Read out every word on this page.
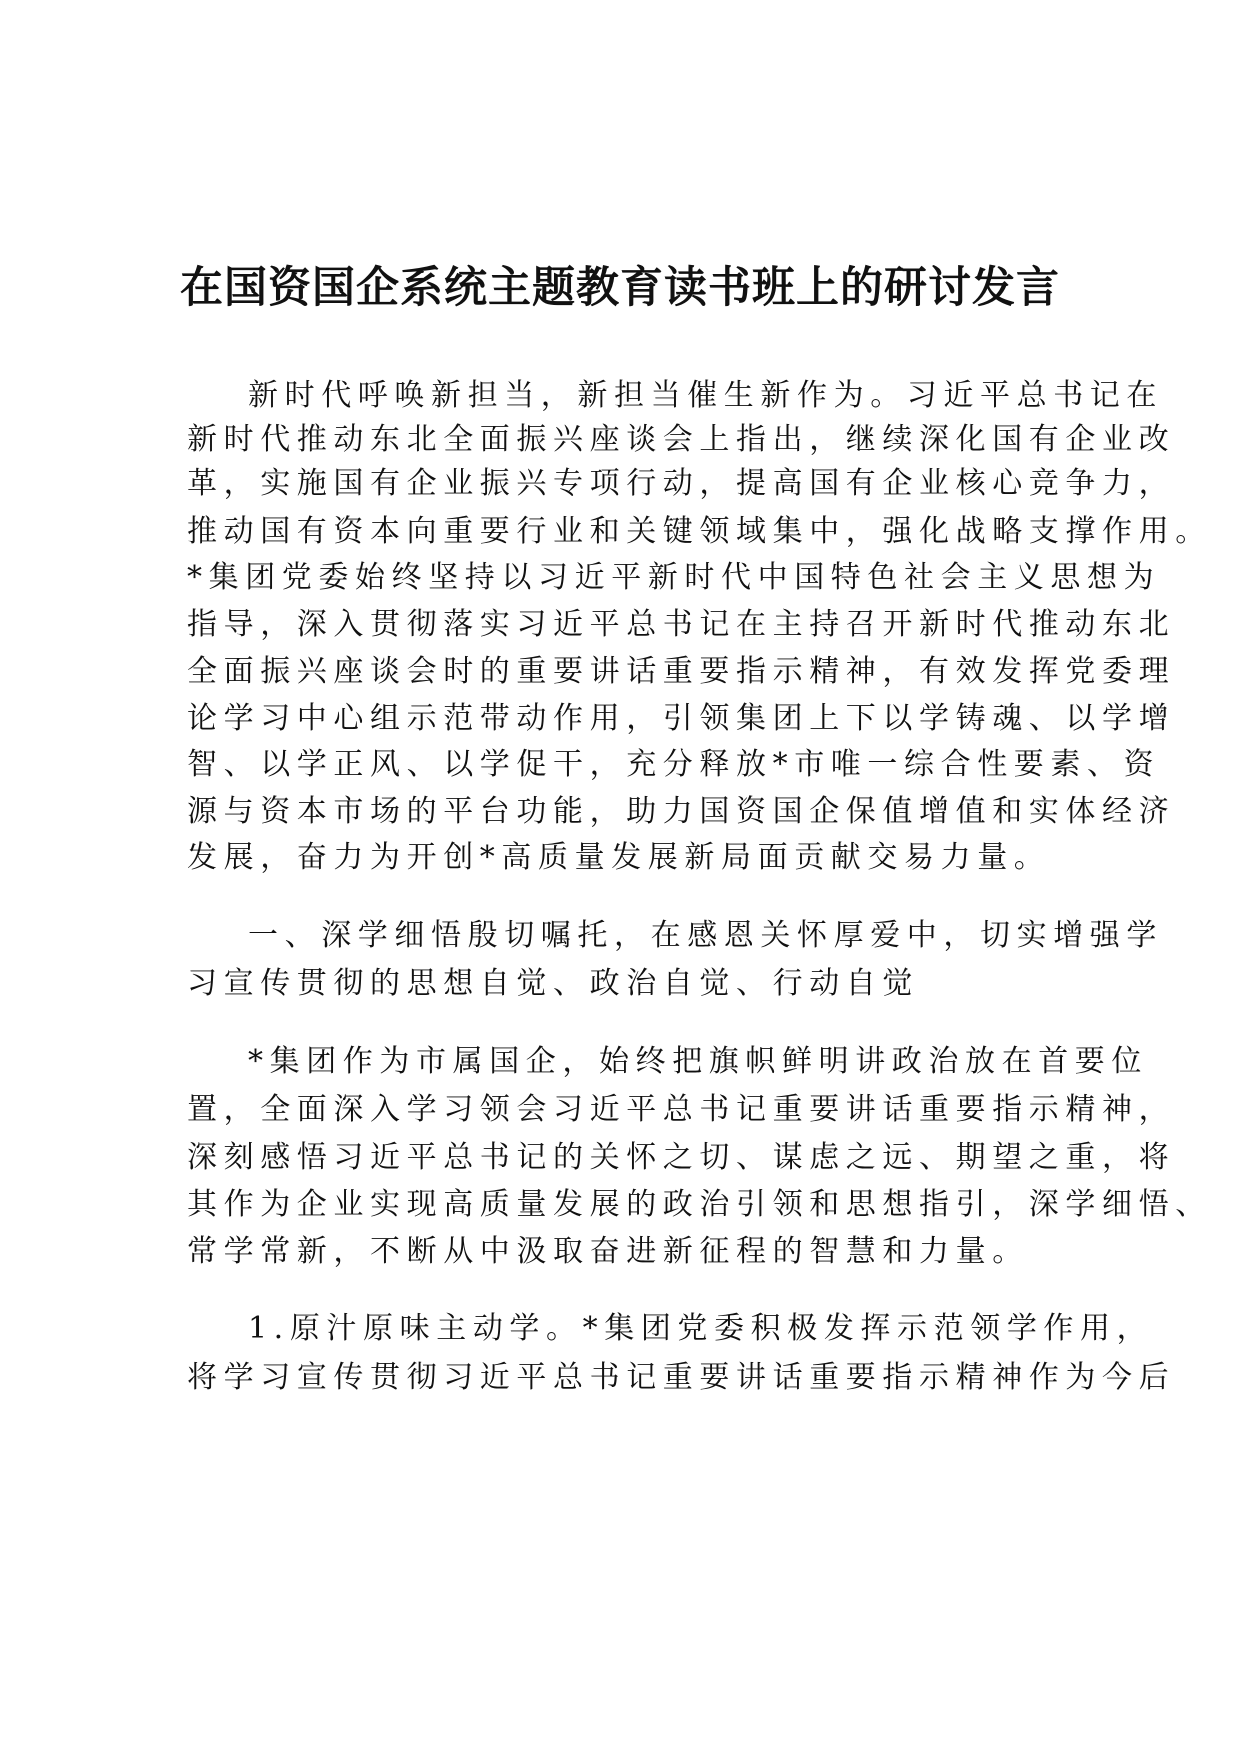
在国资国企系统主题教育读书班上的研讨发言
新时代呼唤新担当，新担当催生新作为。习近平总书记在
新时代推动东北全面振兴座谈会上指出，继续深化国有企业改
革，实施国有企业振兴专项行动，提高国有企业核心竞争力，
推动国有资本向重要行业和关键领域集中，强化战略支撑作用。
*集团党委始终坚持以习近平新时代中国特色社会主义思想为
指导，深入贯彻落实习近平总书记在主持召开新时代推动东北
全面振兴座谈会时的重要讲话重要指示精神，有效发挥党委理
论学习中心组示范带动作用，引领集团上下以学铸魂、以学增
智、以学正风、以学促干，充分释放*市唯一综合性要素、资
源与资本市场的平台功能，助力国资国企保值增值和实体经济
发展，奋力为开创*高质量发展新局面贡献交易力量。
一、深学细悟殷切嘱托，在感恩关怀厚爱中，切实增强学
习宣传贯彻的思想自觉、政治自觉、行动自觉
*集团作为市属国企，始终把旗帜鲜明讲政治放在首要位
置，全面深入学习领会习近平总书记重要讲话重要指示精神，
深刻感悟习近平总书记的关怀之切、谋虑之远、期望之重，将
其作为企业实现高质量发展的政治引领和思想指引，深学细悟、
常学常新，不断从中汲取奋进新征程的智慧和力量。
1.原汁原味主动学。*集团党委积极发挥示范领学作用，
将学习宣传贯彻习近平总书记重要讲话重要指示精神作为今后
